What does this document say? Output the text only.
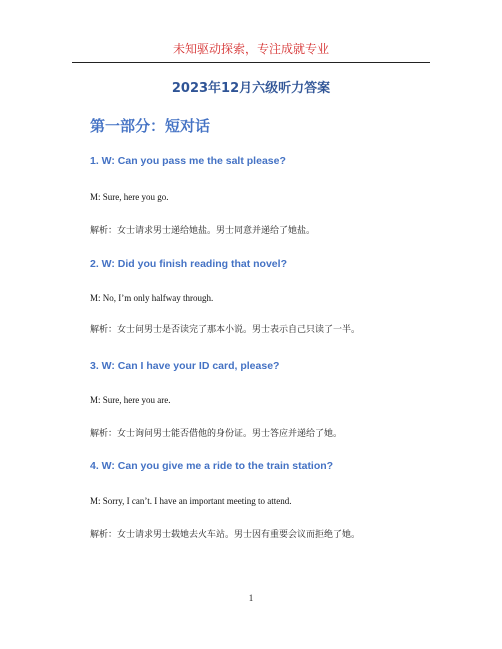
未知驱动探索，专注成就专业
2023年12月六级听力答案
第一部分：短对话
1. W: Can you pass me the salt please?
M: Sure, here you go.
解析：女士请求男士递给她盐。男士同意并递给了她盐。
2. W: Did you finish reading that novel?
M: No, I’m only halfway through.
解析：女士问男士是否读完了那本小说。男士表示自己只读了一半。
3. W: Can I have your ID card, please?
M: Sure, here you are.
解析：女士询问男士能否借他的身份证。男士答应并递给了她。
4. W: Can you give me a ride to the train station?
M: Sorry, I can’t. I have an important meeting to attend.
解析：女士请求男士载她去火车站。男士因有重要会议而拒绝了她。
1
